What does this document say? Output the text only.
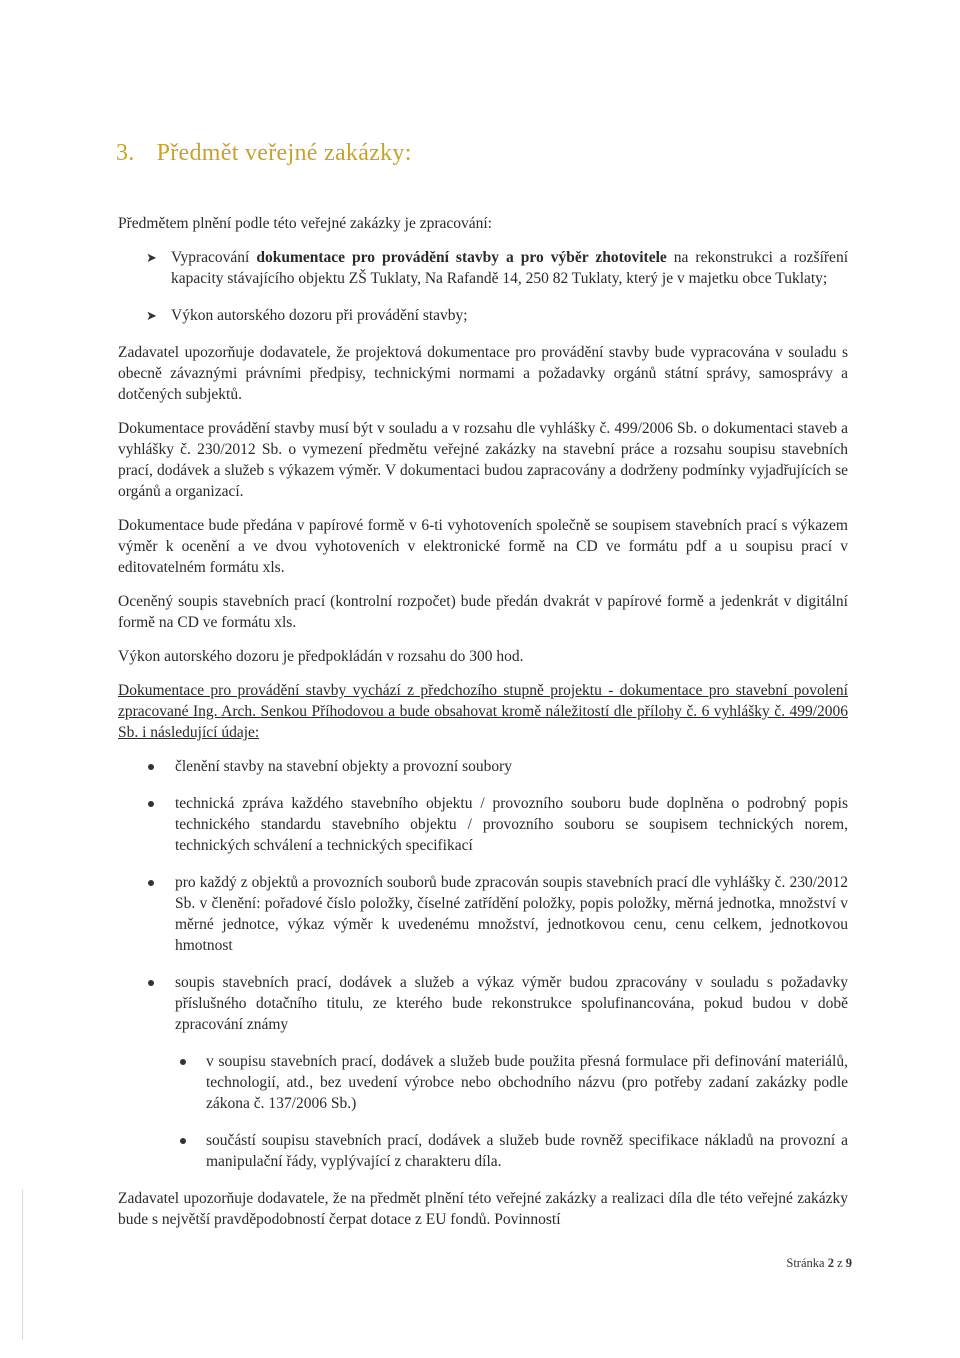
3. Předmět veřejné zakázky:

Předmětem plnění podle této veřejné zakázky je zpracování:

➤ Vypracování dokumentace pro provádění stavby a pro výběr zhotovitele na rekonstrukci a rozšíření kapacity stávajícího objektu ZŠ Tuklaty, Na Rafandě 14, 250 82 Tuklaty, který je v majetku obce Tuklaty;
➤ Výkon autorského dozoru při provádění stavby;

Zadavatel upozorňuje dodavatele, že projektová dokumentace pro provádění stavby bude vypracována v souladu s obecně závaznými právními předpisy, technickými normami a požadavky orgánů státní správy, samosprávy a dotčených subjektů.

Dokumentace provádění stavby musí být v souladu a v rozsahu dle vyhlášky č. 499/2006 Sb. o dokumentaci staveb a vyhlášky č. 230/2012 Sb. o vymezení předmětu veřejné zakázky na stavební práce a rozsahu soupisu stavebních prací, dodávek a služeb s výkazem výměr. V dokumentaci budou zapracovány a dodrženy podmínky vyjadřujících se orgánů a organizací.

Dokumentace bude předána v papírové formě v 6-ti vyhotoveních společně se soupisem stavebních prací s výkazem výměr k ocenění a ve dvou vyhotoveních v elektronické formě na CD ve formátu pdf a u soupisu prací v editovatelném formátu xls.

Oceněný soupis stavebních prací (kontrolní rozpočet) bude předán dvakrát v papírové formě a jedenkrát v digitální formě na CD ve formátu xls.

Výkon autorského dozoru je předpokládán v rozsahu do 300 hod.

Dokumentace pro provádění stavby vychází z předchozího stupně projektu - dokumentace pro stavební povolení zpracované Ing. Arch. Senkou Příhodovou a bude obsahovat kromě náležitostí dle přílohy č. 6 vyhlášky č. 499/2006 Sb. i následující údaje:

členění stavby na stavební objekty a provozní soubory
technická zpráva každého stavebního objektu / provozního souboru bude doplněna o podrobný popis technického standardu stavebního objektu / provozního souboru se soupisem technických norem, technických schválení a technických specifikací
pro každý z objektů a provozních souborů bude zpracován soupis stavebních prací dle vyhlášky č. 230/2012 Sb. v členění: pořadové číslo položky, číselné zatřídění položky, popis položky, měrná jednotka, množství v měrné jednotce, výkaz výměr k uvedenému množství, jednotkovou cenu, cenu celkem, jednotkovou hmotnost
soupis stavebních prací, dodávek a služeb a výkaz výměr budou zpracovány v souladu s požadavky příslušného dotačního titulu, ze kterého bude rekonstrukce spolufinancována, pokud budou v době zpracování známy
v soupisu stavebních prací, dodávek a služeb bude použita přesná formulace při definování materiálů, technologií, atd., bez uvedení výrobce nebo obchodního názvu (pro potřeby zadaní zakázky podle zákona č. 137/2006 Sb.)
součástí soupisu stavebních prací, dodávek a služeb bude rovněž specifikace nákladů na provozní a manipulační řády, vyplývající z charakteru díla.

Zadavatel upozorňuje dodavatele, že na předmět plnění této veřejné zakázky a realizaci díla dle této veřejné zakázky bude s největší pravděpodobností čerpat dotace z EU fondů. Povinností

Stránka 2 z 9
